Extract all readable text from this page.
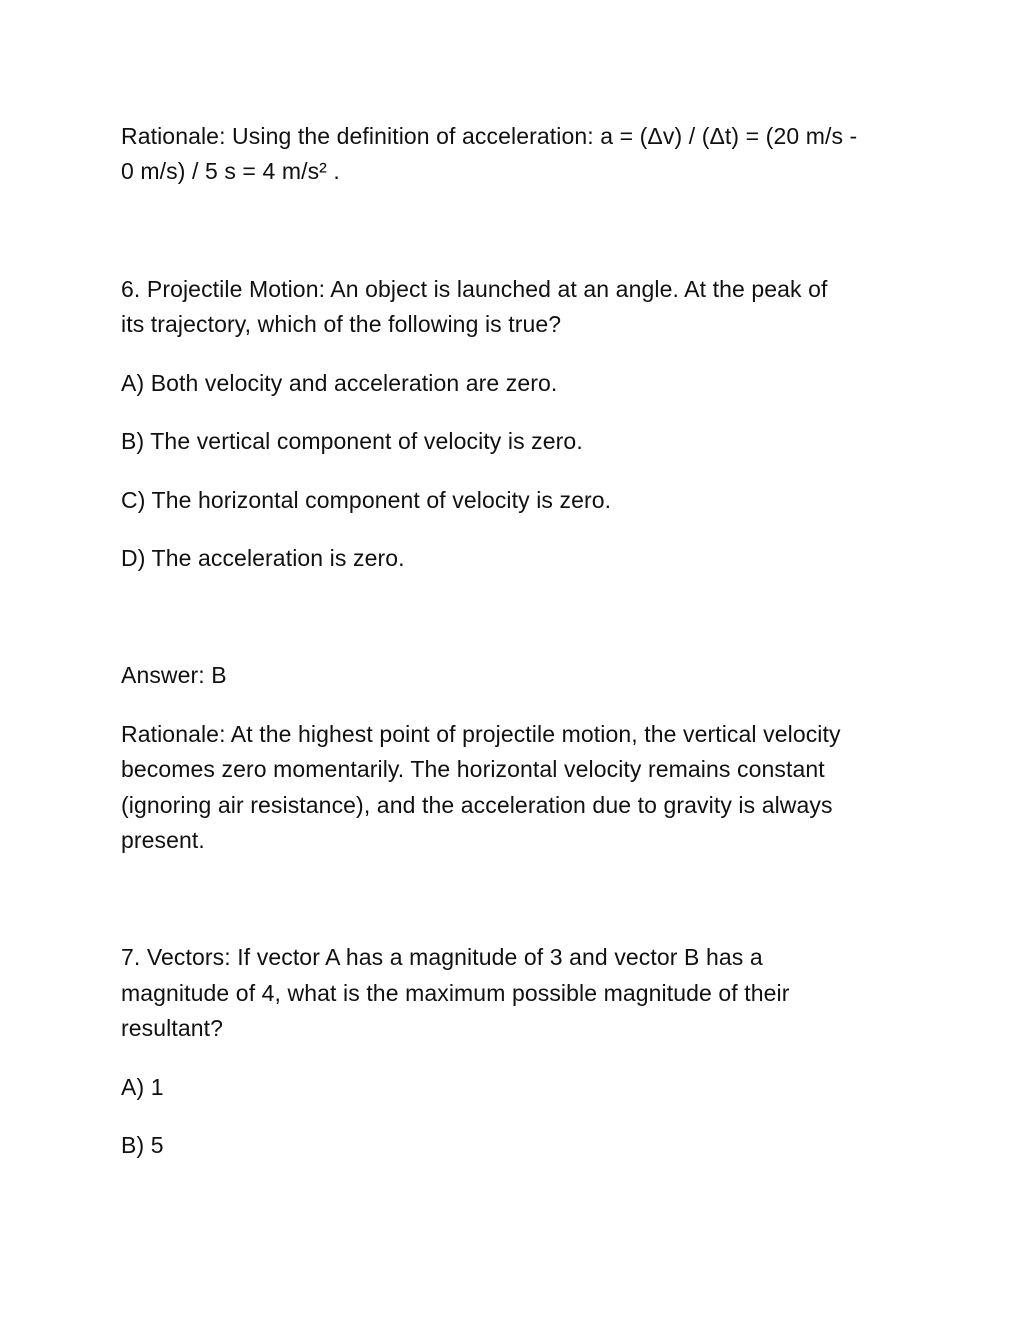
Rationale: Using the definition of acceleration: a = (Δv) / (Δt) = (20 m/s -
0 m/s) / 5 s = 4 m/s² .
6. Projectile Motion: An object is launched at an angle. At the peak of
its trajectory, which of the following is true?
A) Both velocity and acceleration are zero.
B) The vertical component of velocity is zero.
C) The horizontal component of velocity is zero.
D) The acceleration is zero.
Answer: B
Rationale: At the highest point of projectile motion, the vertical velocity
becomes zero momentarily. The horizontal velocity remains constant
(ignoring air resistance), and the acceleration due to gravity is always
present.
7. Vectors: If vector A has a magnitude of 3 and vector B has a
magnitude of 4, what is the maximum possible magnitude of their
resultant?
A) 1
B) 5
